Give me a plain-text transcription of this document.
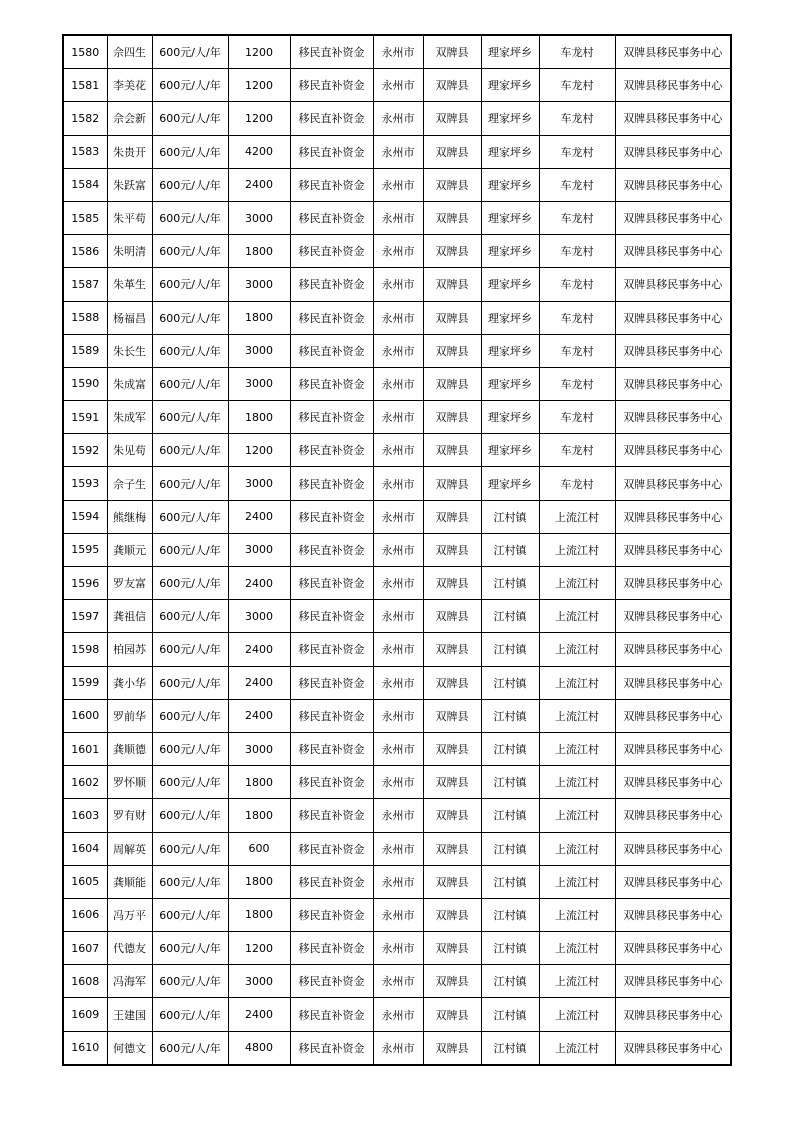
1580	佘四生	600元/人/年	1200	移民直补资金	永州市	双牌县	理家坪乡	车龙村	双牌县移民事务中心
1581	李美花	600元/人/年	1200	移民直补资金	永州市	双牌县	理家坪乡	车龙村	双牌县移民事务中心
1582	佘会新	600元/人/年	1200	移民直补资金	永州市	双牌县	理家坪乡	车龙村	双牌县移民事务中心
1583	朱贵开	600元/人/年	4200	移民直补资金	永州市	双牌县	理家坪乡	车龙村	双牌县移民事务中心
1584	朱跃富	600元/人/年	2400	移民直补资金	永州市	双牌县	理家坪乡	车龙村	双牌县移民事务中心
1585	朱平苟	600元/人/年	3000	移民直补资金	永州市	双牌县	理家坪乡	车龙村	双牌县移民事务中心
1586	朱明清	600元/人/年	1800	移民直补资金	永州市	双牌县	理家坪乡	车龙村	双牌县移民事务中心
1587	朱革生	600元/人/年	3000	移民直补资金	永州市	双牌县	理家坪乡	车龙村	双牌县移民事务中心
1588	杨福昌	600元/人/年	1800	移民直补资金	永州市	双牌县	理家坪乡	车龙村	双牌县移民事务中心
1589	朱长生	600元/人/年	3000	移民直补资金	永州市	双牌县	理家坪乡	车龙村	双牌县移民事务中心
1590	朱成富	600元/人/年	3000	移民直补资金	永州市	双牌县	理家坪乡	车龙村	双牌县移民事务中心
1591	朱成军	600元/人/年	1800	移民直补资金	永州市	双牌县	理家坪乡	车龙村	双牌县移民事务中心
1592	朱见苟	600元/人/年	1200	移民直补资金	永州市	双牌县	理家坪乡	车龙村	双牌县移民事务中心
1593	佘子生	600元/人/年	3000	移民直补资金	永州市	双牌县	理家坪乡	车龙村	双牌县移民事务中心
1594	熊继梅	600元/人/年	2400	移民直补资金	永州市	双牌县	江村镇	上流江村	双牌县移民事务中心
1595	龚顺元	600元/人/年	3000	移民直补资金	永州市	双牌县	江村镇	上流江村	双牌县移民事务中心
1596	罗友富	600元/人/年	2400	移民直补资金	永州市	双牌县	江村镇	上流江村	双牌县移民事务中心
1597	龚祖信	600元/人/年	3000	移民直补资金	永州市	双牌县	江村镇	上流江村	双牌县移民事务中心
1598	柏园苏	600元/人/年	2400	移民直补资金	永州市	双牌县	江村镇	上流江村	双牌县移民事务中心
1599	龚小华	600元/人/年	2400	移民直补资金	永州市	双牌县	江村镇	上流江村	双牌县移民事务中心
1600	罗前华	600元/人/年	2400	移民直补资金	永州市	双牌县	江村镇	上流江村	双牌县移民事务中心
1601	龚顺德	600元/人/年	3000	移民直补资金	永州市	双牌县	江村镇	上流江村	双牌县移民事务中心
1602	罗怀顺	600元/人/年	1800	移民直补资金	永州市	双牌县	江村镇	上流江村	双牌县移民事务中心
1603	罗有财	600元/人/年	1800	移民直补资金	永州市	双牌县	江村镇	上流江村	双牌县移民事务中心
1604	周解英	600元/人/年	600	移民直补资金	永州市	双牌县	江村镇	上流江村	双牌县移民事务中心
1605	龚顺能	600元/人/年	1800	移民直补资金	永州市	双牌县	江村镇	上流江村	双牌县移民事务中心
1606	冯万平	600元/人/年	1800	移民直补资金	永州市	双牌县	江村镇	上流江村	双牌县移民事务中心
1607	代德友	600元/人/年	1200	移民直补资金	永州市	双牌县	江村镇	上流江村	双牌县移民事务中心
1608	冯海军	600元/人/年	3000	移民直补资金	永州市	双牌县	江村镇	上流江村	双牌县移民事务中心
1609	王建国	600元/人/年	2400	移民直补资金	永州市	双牌县	江村镇	上流江村	双牌县移民事务中心
1610	何德文	600元/人/年	4800	移民直补资金	永州市	双牌县	江村镇	上流江村	双牌县移民事务中心
